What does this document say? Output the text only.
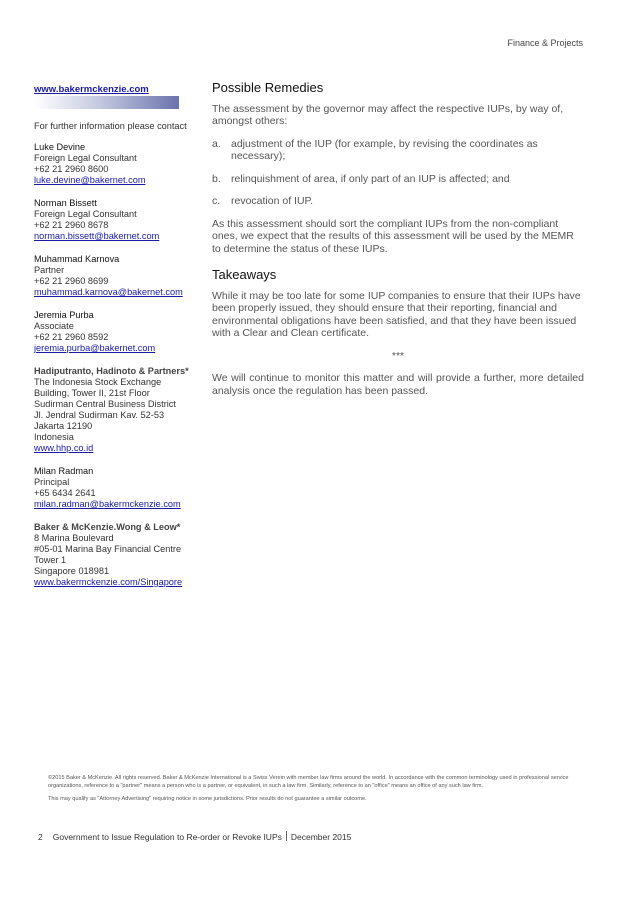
Finance & Projects
www.bakermckenzie.com
For further information please contact
Luke Devine
Foreign Legal Consultant
+62 21 2960 8600
luke.devine@bakernet.com
Norman Bissett
Foreign Legal Consultant
+62 21 2960 8678
norman.bissett@bakernet.com
Muhammad Karnova
Partner
+62 21 2960 8699
muhammad.karnova@bakernet.com
Jeremia Purba
Associate
+62 21 2960 8592
jeremia.purba@bakernet.com
Hadiputranto, Hadinoto & Partners*
The Indonesia Stock Exchange
Building, Tower II, 21st Floor
Sudirman Central Business District
Jl. Jendral Sudirman Kav. 52-53
Jakarta 12190
Indonesia
www.hhp.co.id
Milan Radman
Principal
+65 6434 2641
milan.radman@bakermckenzie.com
Baker & McKenzie.Wong & Leow*
8 Marina Boulevard
#05-01 Marina Bay Financial Centre
Tower 1
Singapore 018981
www.bakermckenzie.com/Singapore
Possible Remedies

The assessment by the governor may affect the respective IUPs, by way of, amongst others:

a. adjustment of the IUP (for example, by revising the coordinates as necessary);
b. relinquishment of area, if only part of an IUP is affected; and
c.	revocation of IUP.

As this assessment should sort the compliant IUPs from the non-compliant ones, we expect that the results of this assessment will be used by the MEMR to determine the status of these IUPs.

Takeaways

While it may be too late for some IUP companies to ensure that their IUPs have been properly issued, they should ensure that their reporting, financial and environmental obligations have been satisfied, and that they have been issued with a Clear and Clean certificate.

***

We will continue to monitor this matter and will provide a further, more detailed analysis once the regulation has been passed.

©2015 Baker & McKenzie. All rights reserved. Baker & McKenzie International is a Swiss Verein with member law firms around the world. In accordance with the common terminology used in professional service organizations, reference to a "partner" means a person who is a partner, or equivalent, in such a law firm. Similarly, reference to an "office" means an office of any such law firm.

This may qualify as "Attorney Advertising" requiring notice in some jurisdictions. Prior results do not guarantee a similar outcome.

2 Government to Issue Regulation to Re-order or Revoke IUPs December 2015
